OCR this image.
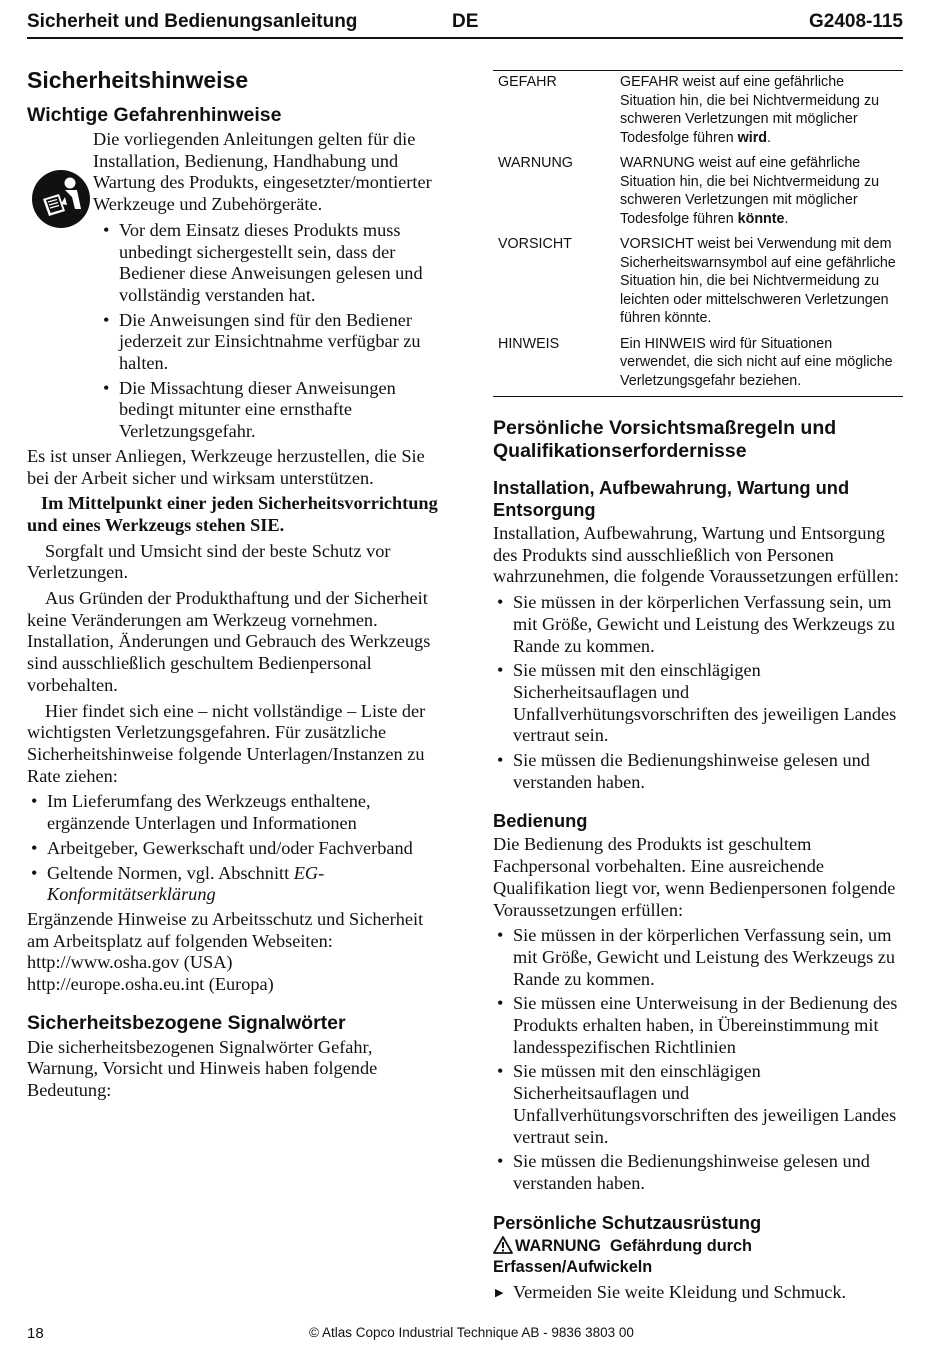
Sicherheit und Bedienungsanleitung	DE	G2408-115
Sicherheitshinweise
Wichtige Gefahrenhinweise

Die vorliegenden Anleitungen gelten für die Installation, Bedienung, Handhabung und Wartung des Produkts, eingesetzter/montierter Werkzeuge und Zubehörgeräte.

• Vor dem Einsatz dieses Produkts muss unbedingt sichergestellt sein, dass der Bediener diese Anweisungen gelesen und vollständig verstanden hat.
• Die Anweisungen sind für den Bediener jederzeit zur Einsichtnahme verfügbar zu halten.
• Die Missachtung dieser Anweisungen bedingt mitunter eine ernsthafte Verletzungsgefahr.

Es ist unser Anliegen, Werkzeuge herzustellen, die Sie bei der Arbeit sicher und wirksam unterstützen.

Im Mittelpunkt einer jeden Sicherheitsvorrichtung und eines Werkzeugs stehen SIE.

Sorgfalt und Umsicht sind der beste Schutz vor Verletzungen.

Aus Gründen der Produkthaftung und der Sicherheit keine Veränderungen am Werkzeug vornehmen. Installation, Änderungen und Gebrauch des Werkzeugs sind ausschließlich geschultem Bedienpersonal vorbehalten.

Hier findet sich eine – nicht vollständige – Liste der wichtigsten Verletzungsgefahren. Für zusätzliche Sicherheitshinweise folgende Unterlagen/Instanzen zu Rate ziehen:

• Im Lieferumfang des Werkzeugs enthaltene, ergänzende Unterlagen und Informationen
• Arbeitgeber, Gewerkschaft und/oder Fachverband
• Geltende Normen, vgl. Abschnitt EG-Konformitätserklärung

Ergänzende Hinweise zu Arbeitsschutz und Sicherheit am Arbeitsplatz auf folgenden Webseiten:

http://www.osha.gov (USA)

http://europe.osha.eu.int (Europa)

Sicherheitsbezogene Signalwörter

Die sicherheitsbezogenen Signalwörter Gefahr, Warnung, Vorsicht und Hinweis haben folgende Bedeutung:

GEFAHR	GEFAHR weist auf eine gefährliche Situation hin, die bei Nichtvermeidung zu schweren Verletzungen mit möglicher Todesfolge führen wird.
WARNUNG	WARNUNG weist auf eine gefährliche Situation hin, die bei Nichtvermeidung zu schweren Verletzungen mit möglicher Todesfolge führen könnte.
VORSICHT	VORSICHT weist bei Verwendung mit dem Sicherheitswarnsymbol auf eine gefährliche Situation hin, die bei Nichtvermeidung zu leichten oder mittelschweren Verletzungen führen könnte.
HINWEIS	Ein HINWEIS wird für Situationen verwendet, die sich nicht auf eine mögliche Verletzungsgefahr beziehen.
Persönliche Vorsichtsmaßregeln und Qualifikationserfordernisse
Installation, Aufbewahrung, Wartung und Entsorgung

Installation, Aufbewahrung, Wartung und Entsorgung des Produkts sind ausschließlich von Personen wahrzunehmen, die folgende Voraussetzungen erfüllen:

• Sie müssen in der körperlichen Verfassung sein, um mit Größe, Gewicht und Leistung des Werkzeugs zu Rande zu kommen.
• Sie müssen mit den einschlägigen Sicherheitsauflagen und Unfallverhütungsvorschriften des jeweiligen Landes vertraut sein.
• Sie müssen die Bedienungshinweise gelesen und verstanden haben.
Bedienung

Die Bedienung des Produkts ist geschultem Fachpersonal vorbehalten. Eine ausreichende Qualifikation liegt vor, wenn Bedienpersonen folgende Voraussetzungen erfüllen:

• Sie müssen in der körperlichen Verfassung sein, um mit Größe, Gewicht und Leistung des Werkzeugs zu Rande zu kommen.
• Sie müssen eine Unterweisung in der Bedienung des Produkts erhalten haben, in Übereinstimmung mit landesspezifischen Richtlinien
• Sie müssen mit den einschlägigen Sicherheitsauflagen und Unfallverhütungsvorschriften des jeweiligen Landes vertraut sein.
• Sie müssen die Bedienungshinweise gelesen und verstanden haben.
Persönliche Schutzausrüstung
WARNUNG Gefährdung durch Erfassen/Aufwickeln
▶ Vermeiden Sie weite Kleidung und Schmuck.
18	© Atlas Copco Industrial Technique AB - 9836 3803 00
